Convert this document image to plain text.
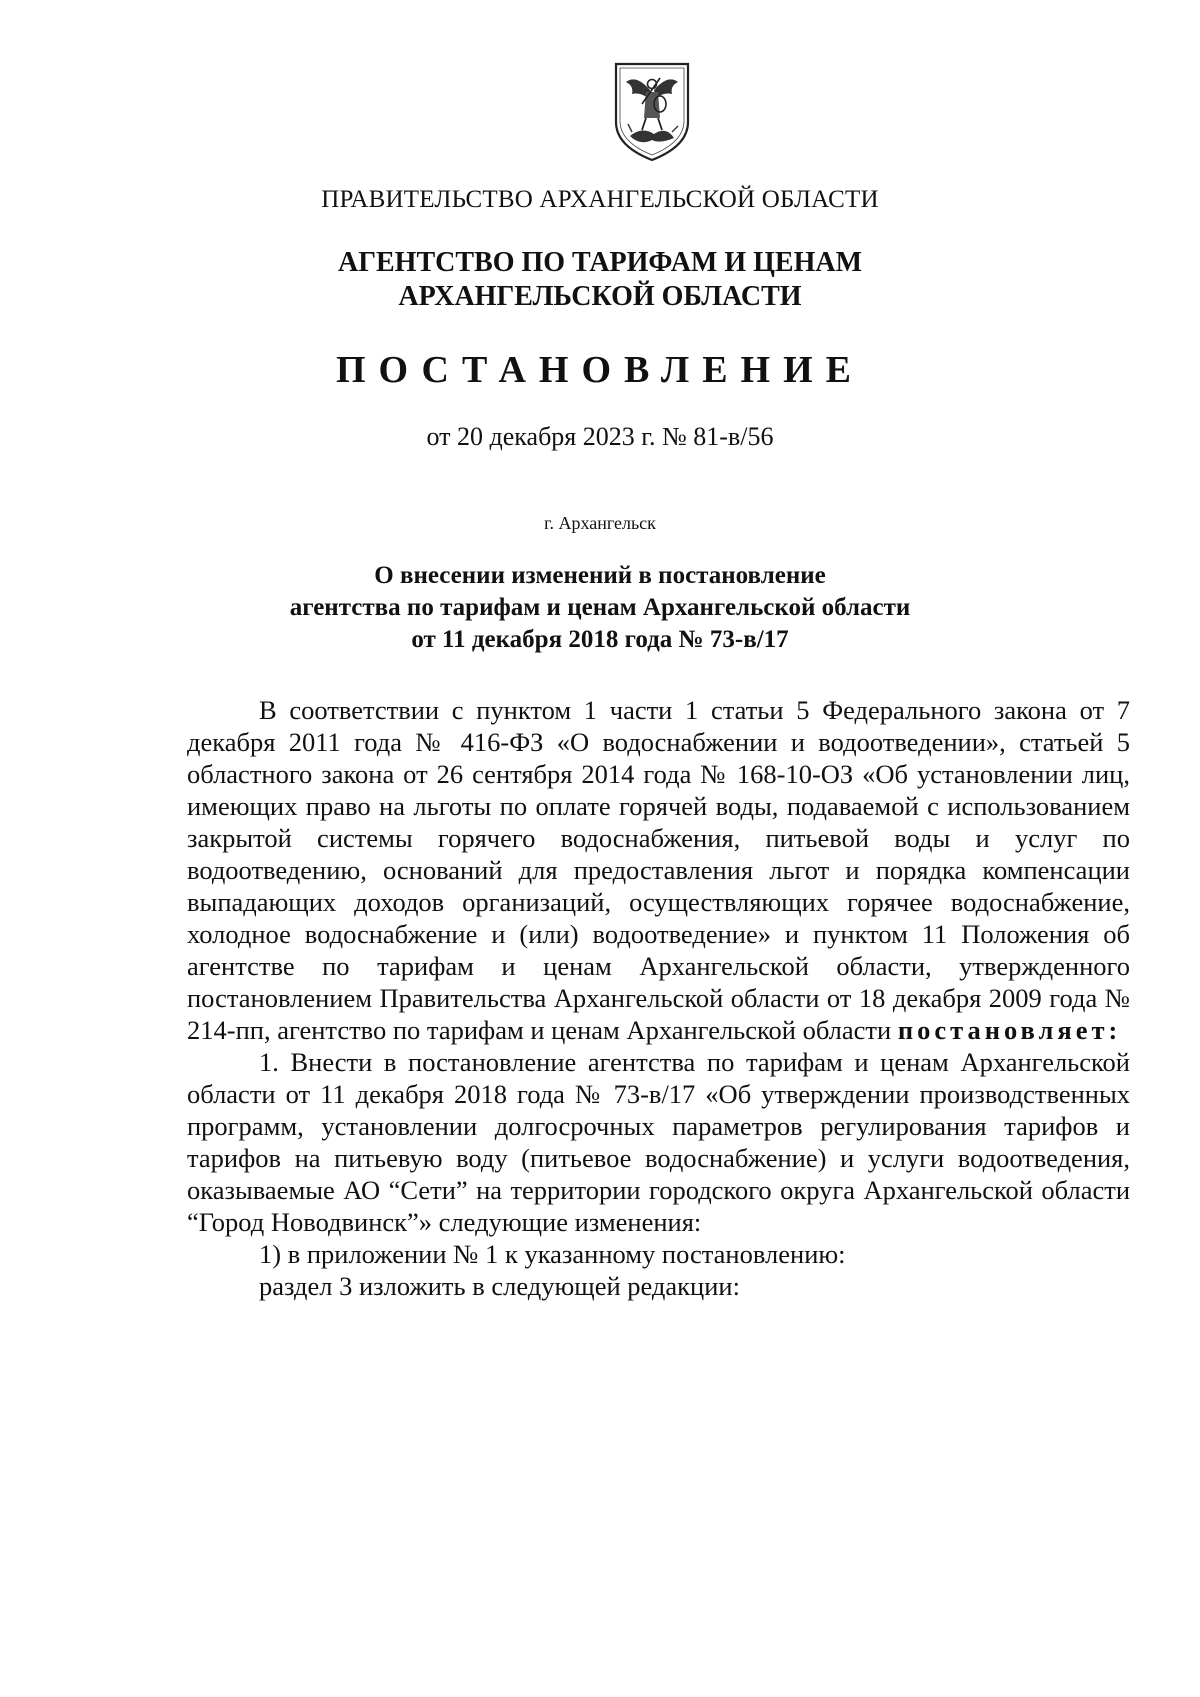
ПРАВИТЕЛЬСТВО АРХАНГЕЛЬСКОЙ ОБЛАСТИ
АГЕНТСТВО ПО ТАРИФАМ И ЦЕНАМ
АРХАНГЕЛЬСКОЙ ОБЛАСТИ
ПОСТАНОВЛЕНИЕ
от 20 декабря 2023 г. № 81-в/56
г. Архангельск
О внесении изменений в постановление
агентства по тарифам и ценам Архангельской области
от 11 декабря 2018 года № 73-в/17

В соответствии с пунктом 1 части 1 статьи 5 Федерального закона от 7 декабря 2011 года № 416-ФЗ «О водоснабжении и водоотведении», статьей 5 областного закона от 26 сентября 2014 года № 168-10-ОЗ «Об установлении лиц, имеющих право на льготы по оплате горячей воды, подаваемой с использованием закрытой системы горячего водоснабжения, питьевой воды и услуг по водоотведению, оснований для предоставления льгот и порядка компенсации выпадающих доходов организаций, осуществляющих горячее водоснабжение, холодное водоснабжение и (или) водоотведение» и пунктом 11 Положения об агентстве по тарифам и ценам Архангельской области, утвержденного постановлением Правительства Архангельской области от 18 декабря 2009 года № 214-пп, агентство по тарифам и ценам Архангельской области постановляет:

1. Внести в постановление агентства по тарифам и ценам Архангельской области от 11 декабря 2018 года № 73-в/17 «Об утверждении производственных программ, установлении долгосрочных параметров регулирования тарифов и тарифов на питьевую воду (питьевое водоснабжение) и услуги водоотведения, оказываемые АО “Сети” на территории городского округа Архангельской области “Город Новодвинск”» следующие изменения:

1) в приложении № 1 к указанному постановлению:

раздел 3 изложить в следующей редакции:
